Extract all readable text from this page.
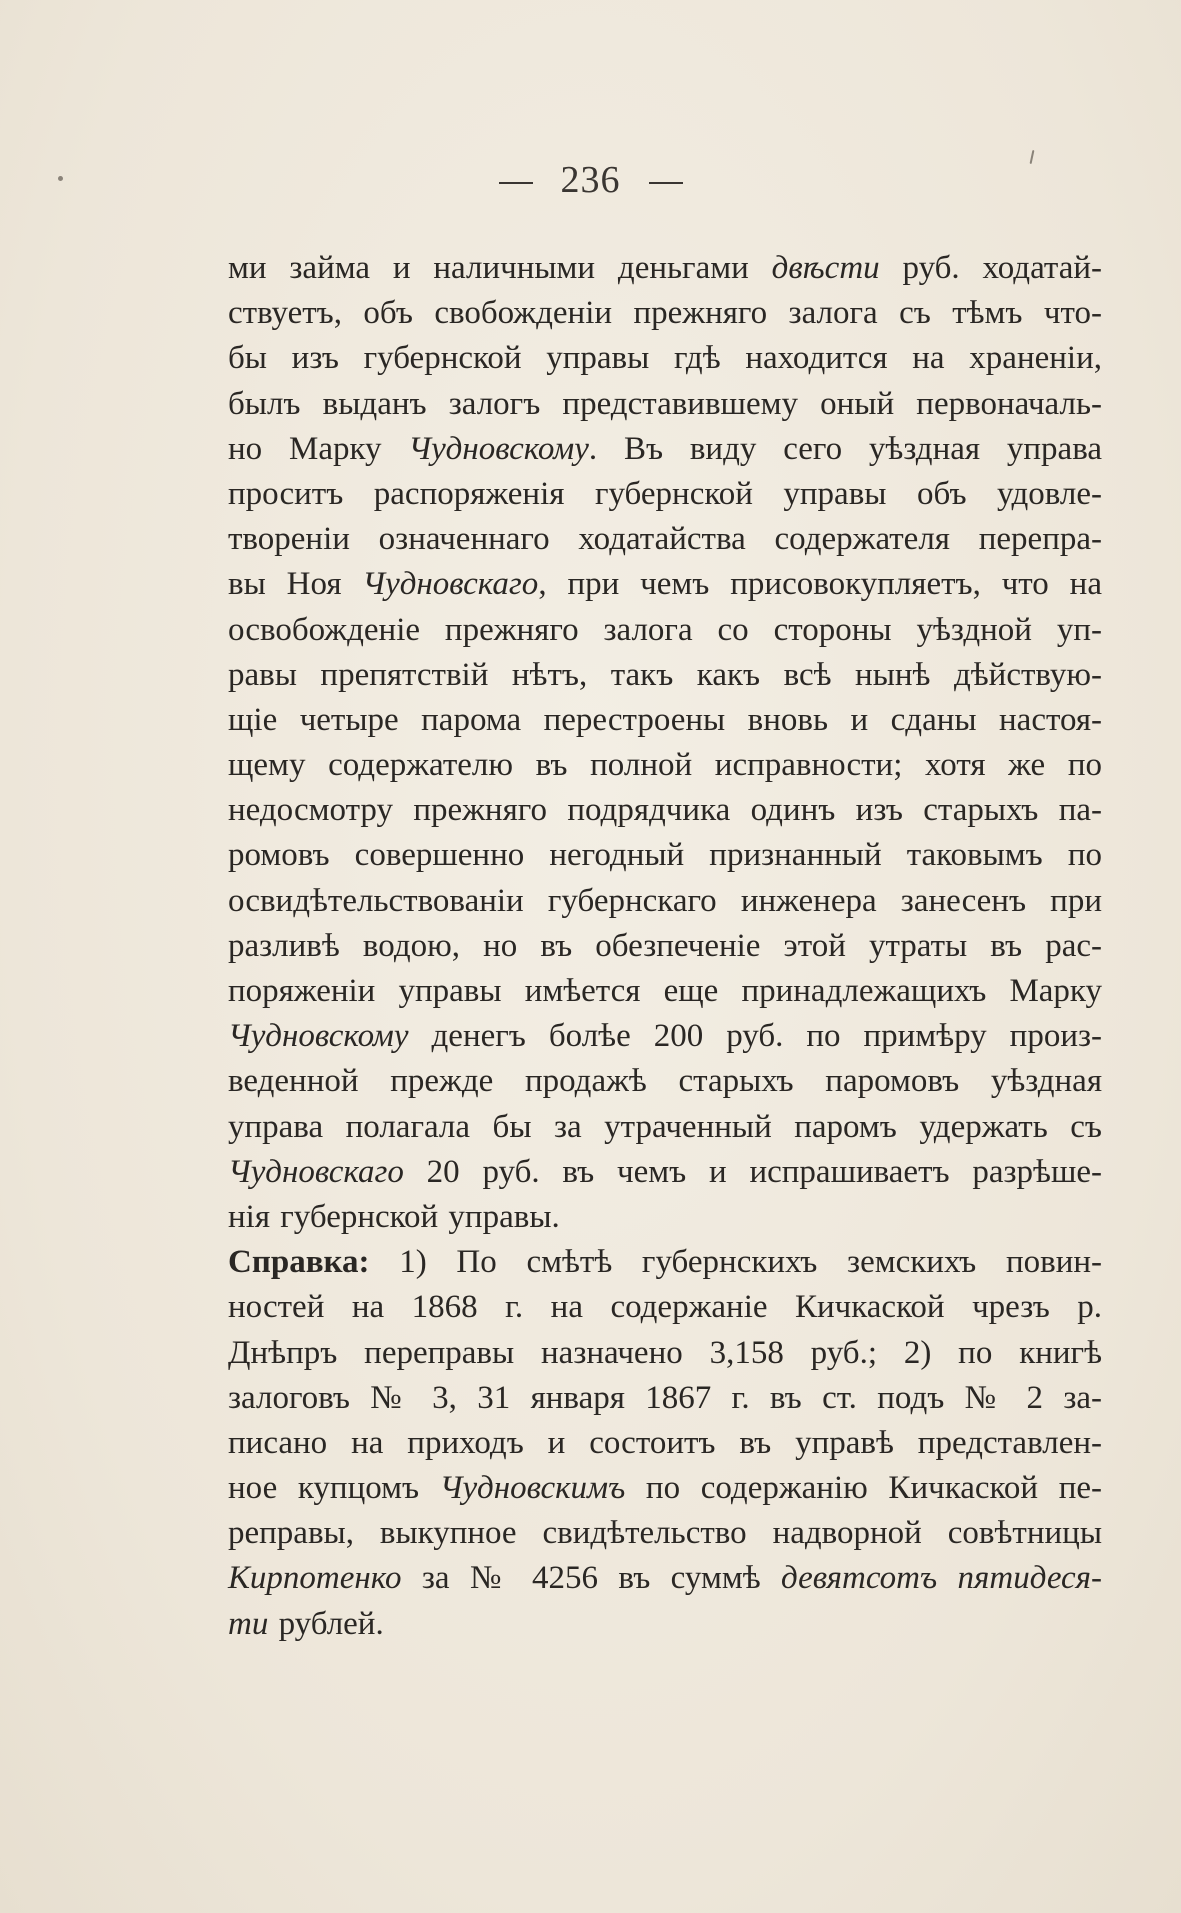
236
ми займа и наличными деньгами двѣсти руб. ходатай-
ствуетъ, объ свобожденіи прежняго залога съ тѣмъ что-
бы изъ губернской управы гдѣ находится на храненіи,
былъ выданъ залогъ представившему оный первоначаль-
но Марку Чудновскому. Въ виду сего уѣздная управа
проситъ распоряженія губернской управы объ удовле-
твореніи означеннаго ходатайства содержателя перепра-
вы Ноя Чудновскаго, при чемъ присовокупляетъ, что на
освобожденіе прежняго залога со стороны уѣздной уп-
равы препятствій нѣтъ, такъ какъ всѣ нынѣ дѣйствую-
щіе четыре парома перестроены вновь и сданы настоя-
щему содержателю въ полной исправности; хотя же по
недосмотру прежняго подрядчика одинъ изъ старыхъ па-
ромовъ совершенно негодный признанный таковымъ по
освидѣтельствованіи губернскаго инженера занесенъ при
разливѣ водою, но въ обезпеченіе этой утраты въ рас-
поряженіи управы имѣется еще принадлежащихъ Марку
Чудновскому денегъ болѣе 200 руб. по примѣру произ-
веденной прежде продажѣ старыхъ паромовъ уѣздная
управа полагала бы за утраченный паромъ удержать съ
Чудновскаго 20 руб. въ чемъ и испрашиваетъ разрѣше-
нія губернской управы.
Справка: 1) По смѣтѣ губернскихъ земскихъ повин-
ностей на 1868 г. на содержаніе Кичкаской чрезъ р.
Днѣпръ переправы назначено 3,158 руб.; 2) по книгѣ
залоговъ № 3, 31 января 1867 г. въ ст. подъ № 2 за-
писано на приходъ и состоитъ въ управѣ представлен-
ное купцомъ Чудновскимъ по содержанію Кичкаской пе-
реправы, выкупное свидѣтельство надворной совѣтницы
Кирпотенко за № 4256 въ суммѣ девятсотъ пятидеся-
ти рублей.
